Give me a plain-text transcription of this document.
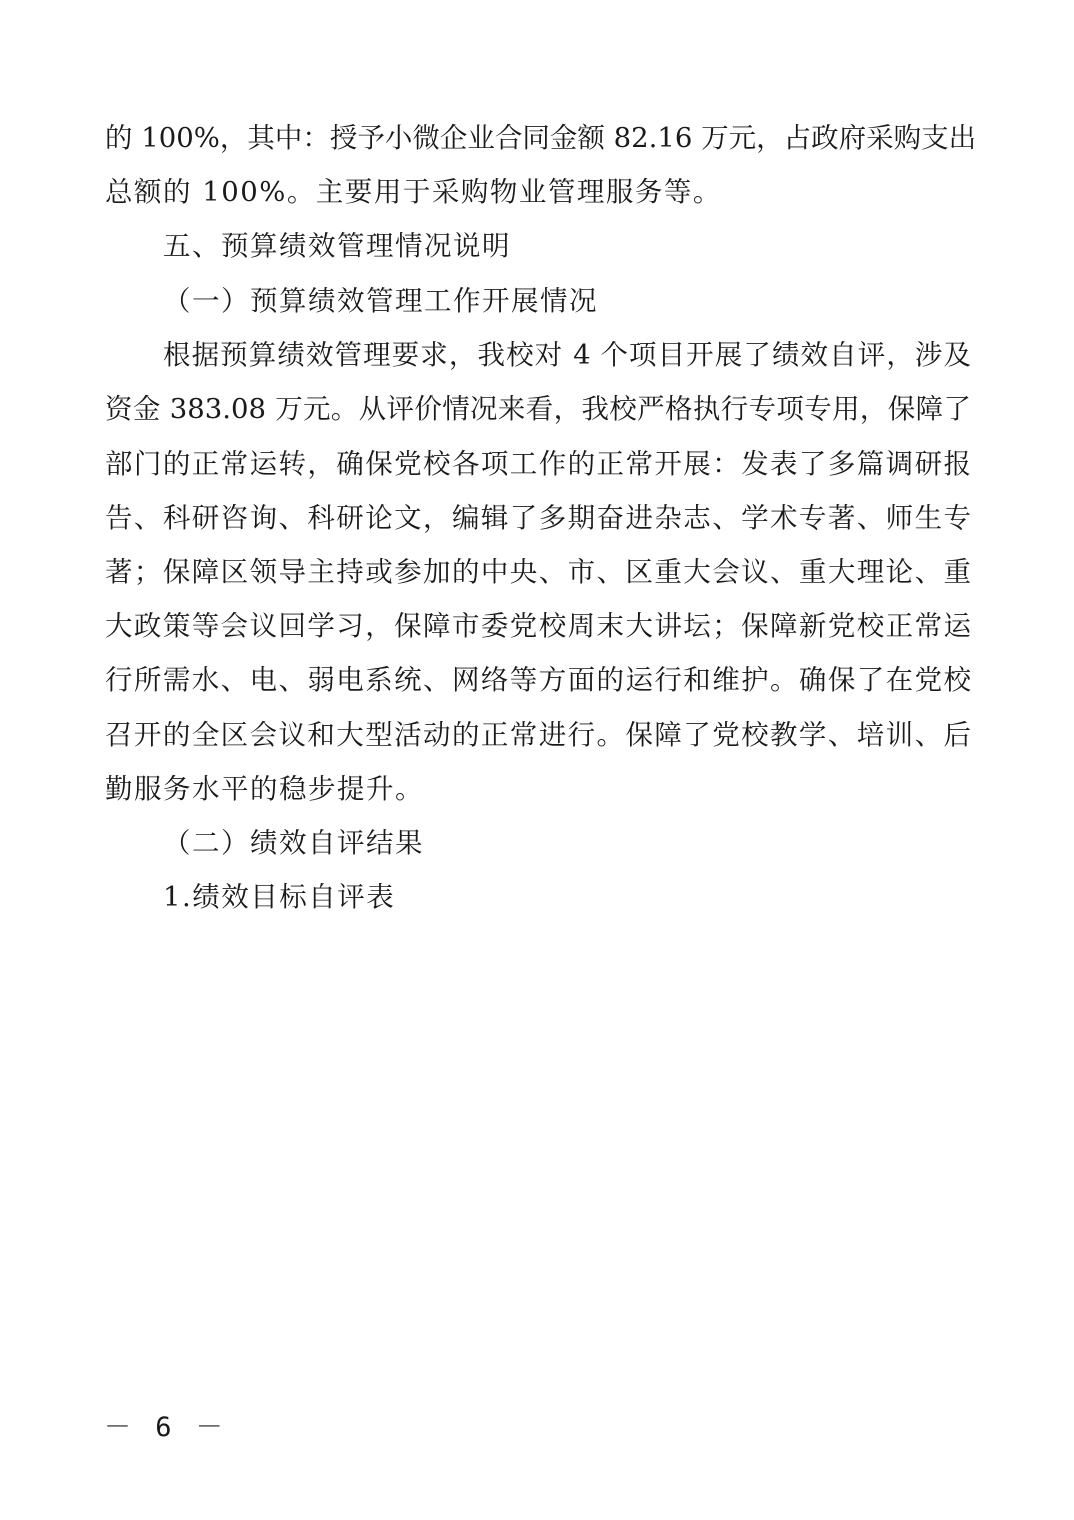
的 100%，其中：授予小微企业合同金额 82.16 万元，占政府采购支出
总额的 100%。主要用于采购物业管理服务等。
五、预算绩效管理情况说明
（一）预算绩效管理工作开展情况
根据预算绩效管理要求，我校对 4 个项目开展了绩效自评，涉及
资金 383.08 万元。从评价情况来看，我校严格执行专项专用，保障了
部门的正常运转，确保党校各项工作的正常开展：发表了多篇调研报
告、科研咨询、科研论文，编辑了多期奋进杂志、学术专著、师生专
著；保障区领导主持或参加的中央、市、区重大会议、重大理论、重
大政策等会议回学习，保障市委党校周末大讲坛；保障新党校正常运
行所需水、电、弱电系统、网络等方面的运行和维护。确保了在党校
召开的全区会议和大型活动的正常进行。保障了党校教学、培训、后
勤服务水平的稳步提升。
（二）绩效自评结果
1.绩效目标自评表
－ 6 －
